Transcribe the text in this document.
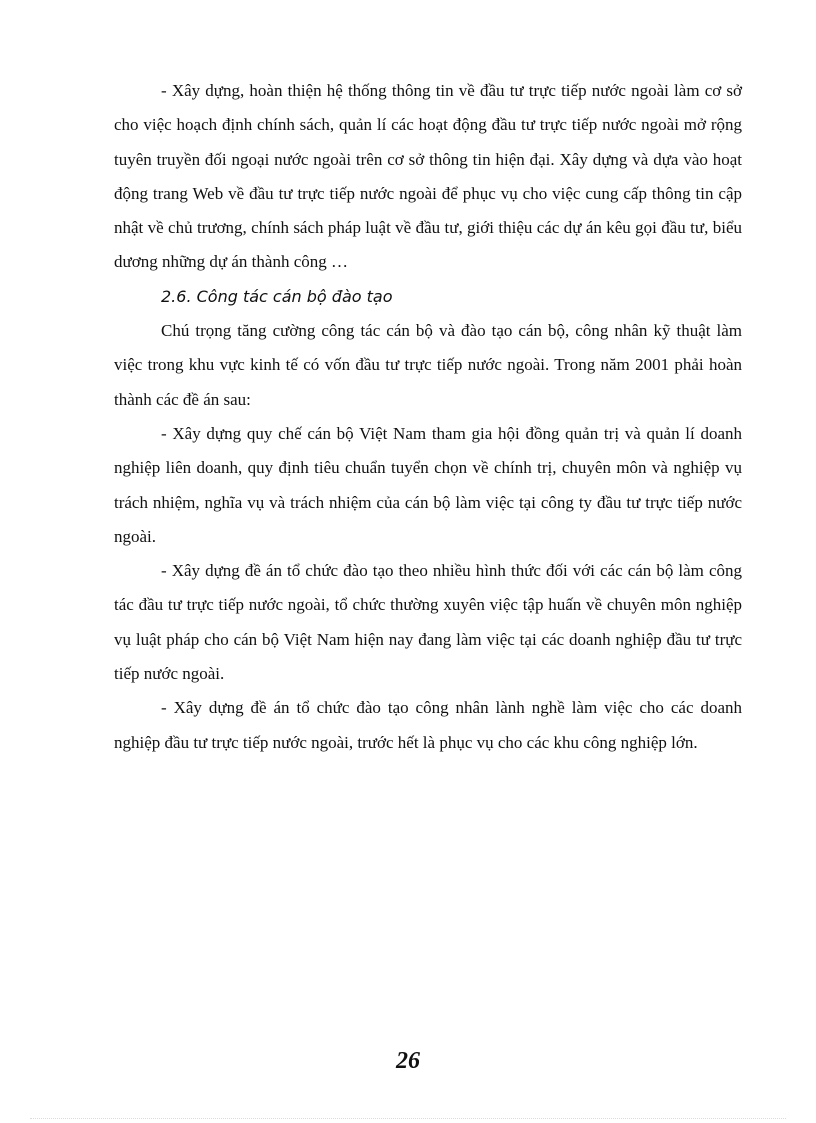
- Xây dựng, hoàn thiện hệ thống thông tin về đầu tư trực tiếp nước ngoài làm cơ sở cho việc hoạch định chính sách, quản lí các hoạt động đầu tư trực tiếp nước ngoài mở rộng tuyên truyền đối ngoại nước ngoài trên cơ sở thông tin hiện đại. Xây dựng và dựa vào hoạt động trang Web về đầu tư trực tiếp nước ngoài để phục vụ cho việc cung cấp thông tin cập nhật về chủ trương, chính sách pháp luật về đầu tư, giới thiệu các dự án kêu gọi đầu tư, biểu dương những dự án thành công …

2.6. Công tác cán bộ đào tạo

Chú trọng tăng cường công tác cán bộ và đào tạo cán bộ, công nhân kỹ thuật làm việc trong khu vực kinh tế có vốn đầu tư trực tiếp nước ngoài. Trong năm 2001 phải hoàn thành các đề án sau:

- Xây dựng quy chế cán bộ Việt Nam tham gia hội đồng quản trị và quản lí doanh nghiệp liên doanh, quy định tiêu chuẩn tuyển chọn về chính trị, chuyên môn và nghiệp vụ trách nhiệm, nghĩa vụ và trách nhiệm của cán bộ làm việc tại công ty đầu tư trực tiếp nước ngoài.

- Xây dựng đề án tổ chức đào tạo theo nhiều hình thức đối với các cán bộ làm công tác đầu tư trực tiếp nước ngoài, tổ chức thường xuyên việc tập huấn về chuyên môn nghiệp vụ luật pháp cho cán bộ Việt Nam hiện nay đang làm việc tại các doanh nghiệp đầu tư trực tiếp nước ngoài.

- Xây dựng đề án tổ chức đào tạo công nhân lành nghề làm việc cho các doanh nghiệp đầu tư trực tiếp nước ngoài, trước hết là phục vụ cho các khu công nghiệp lớn.

26
